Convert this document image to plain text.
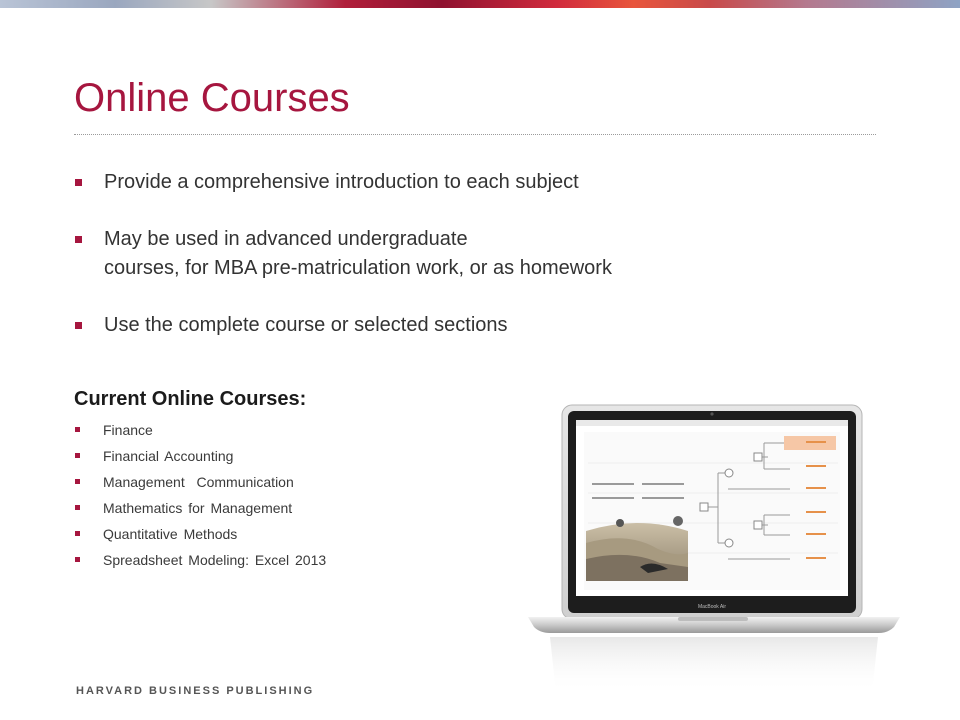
Online Courses
Provide a comprehensive introduction to each subject
May be used in advanced undergraduate
courses, for MBA pre-matriculation work, or as homework
Use the complete course or selected sections
Current Online Courses:
Finance
Financial Accounting
Management  Communication
Mathematics for Management
Quantitative Methods
Spreadsheet Modeling: Excel 2013
MacBook Air
HARVARD BUSINESS PUBLISHING
